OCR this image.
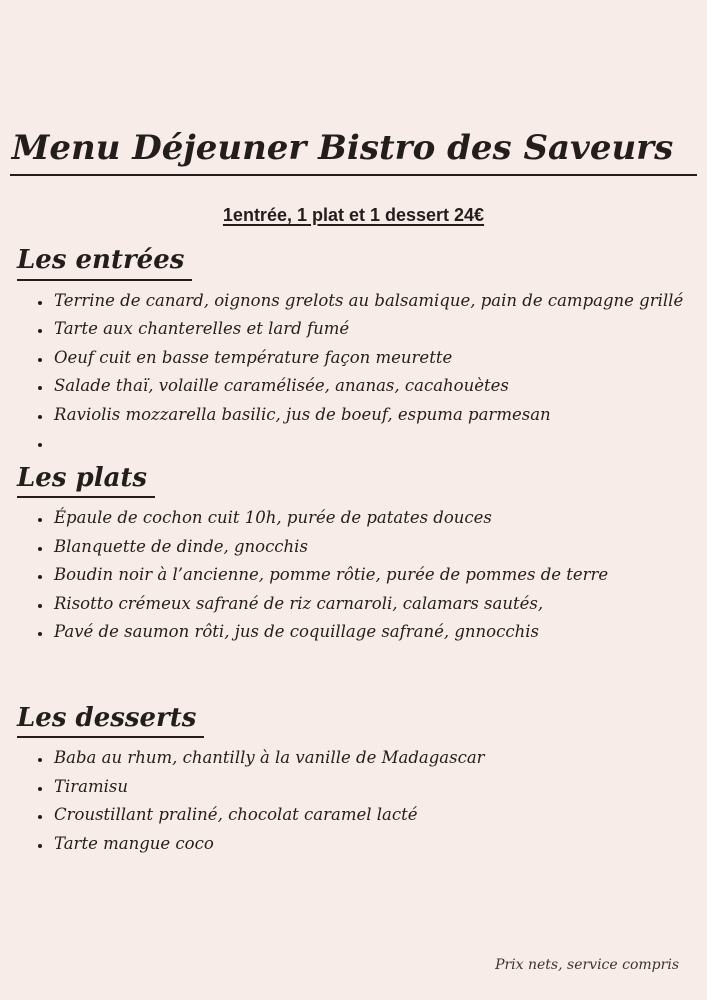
Menu Déjeuner Bistro des Saveurs
1entrée, 1 plat et 1 dessert 24€
Les entrées
• Terrine de canard, oignons grelots au balsamique, pain de campagne grillé
• Tarte aux chanterelles et lard fumé
• Oeuf cuit en basse température façon meurette
• Salade thaï, volaille caramélisée, ananas, cacahouètes
• Raviolis mozzarella basilic, jus de boeuf, espuma parmesan
•
Les plats
• Épaule de cochon cuit 10h, purée de patates douces
• Blanquette de dinde, gnocchis
• Boudin noir à l’ancienne, pomme rôtie, purée de pommes de terre
• Risotto crémeux safrané de riz carnaroli, calamars sautés,
• Pavé de saumon rôti, jus de coquillage safrané, gnnocchis
Les desserts
• Baba au rhum, chantilly à la vanille de Madagascar
• Tiramisu
• Croustillant praliné, chocolat caramel lacté
• Tarte mangue coco
Prix nets, service compris
